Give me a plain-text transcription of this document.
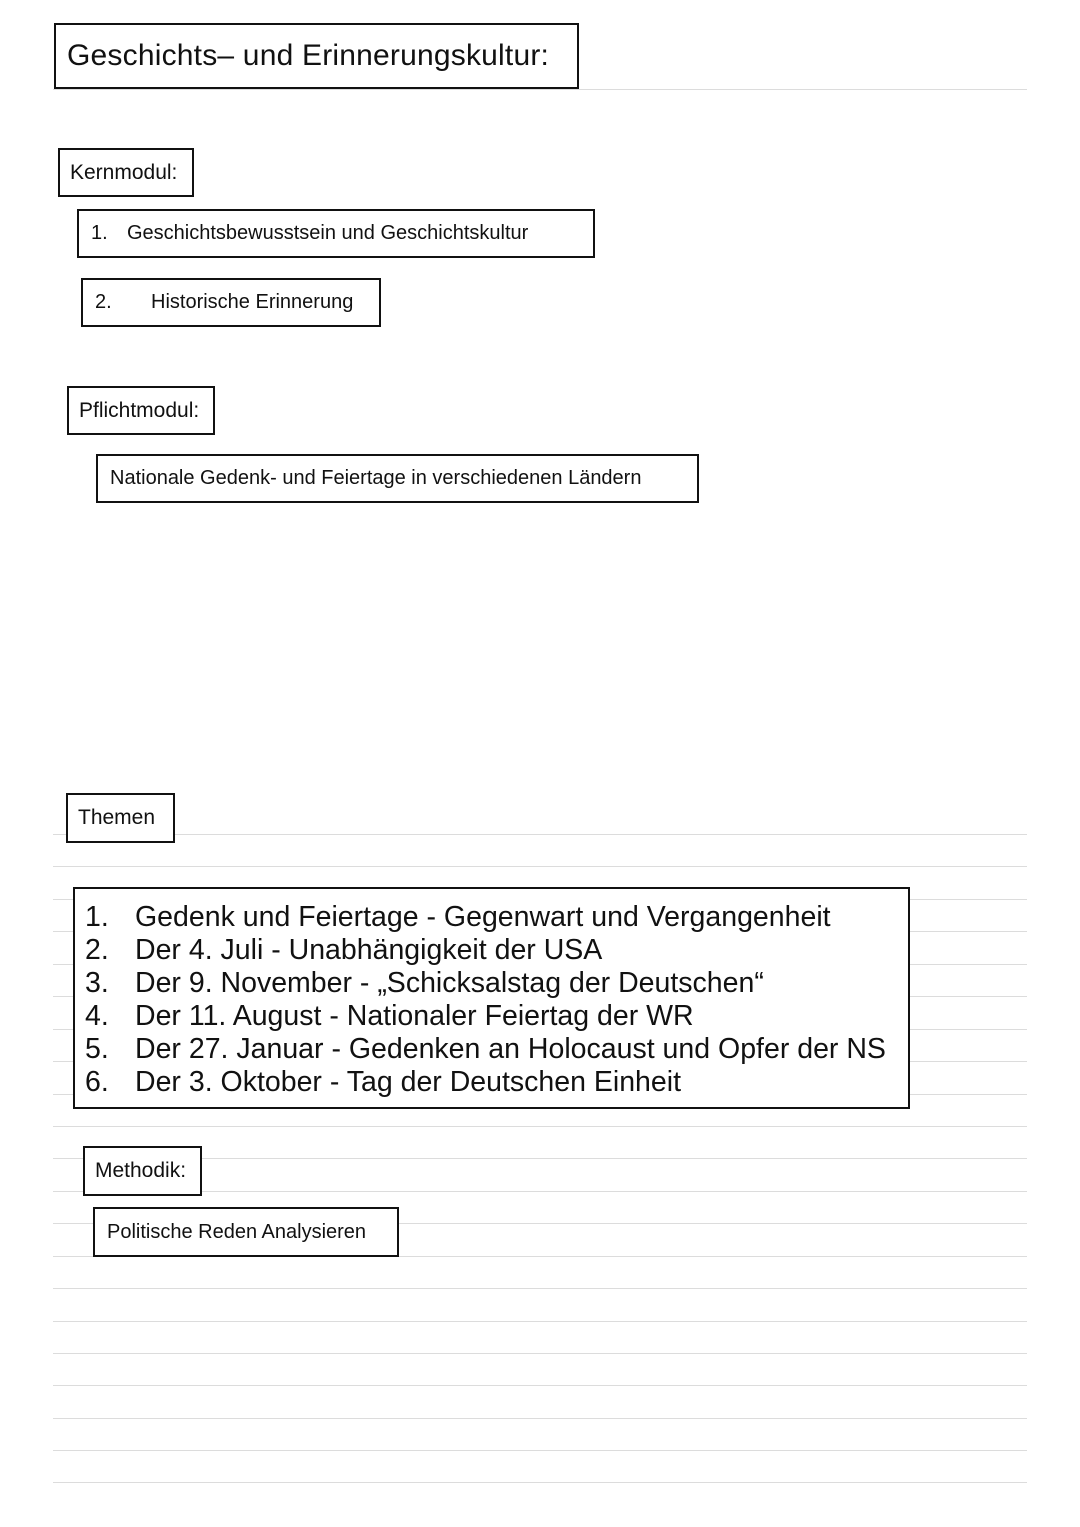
Geschichts– und Erinnerungskultur:
Kernmodul:
1. Geschichtsbewusstsein und Geschichtskultur
2.	Historische Erinnerung
Pflichtmodul:
Nationale Gedenk- und Feiertage in verschiedenen Ländern
Themen
1. Gedenk und Feiertage - Gegenwart und Vergangenheit
2. Der 4. Juli - Unabhängigkeit der USA
3. Der 9. November - „Schicksalstag der Deutschen“
4. Der 11. August - Nationaler Feiertag der WR
5. Der 27. Januar - Gedenken an Holocaust und Opfer der NS
6. Der 3. Oktober - Tag der Deutschen Einheit
Methodik:
Politische Reden Analysieren
